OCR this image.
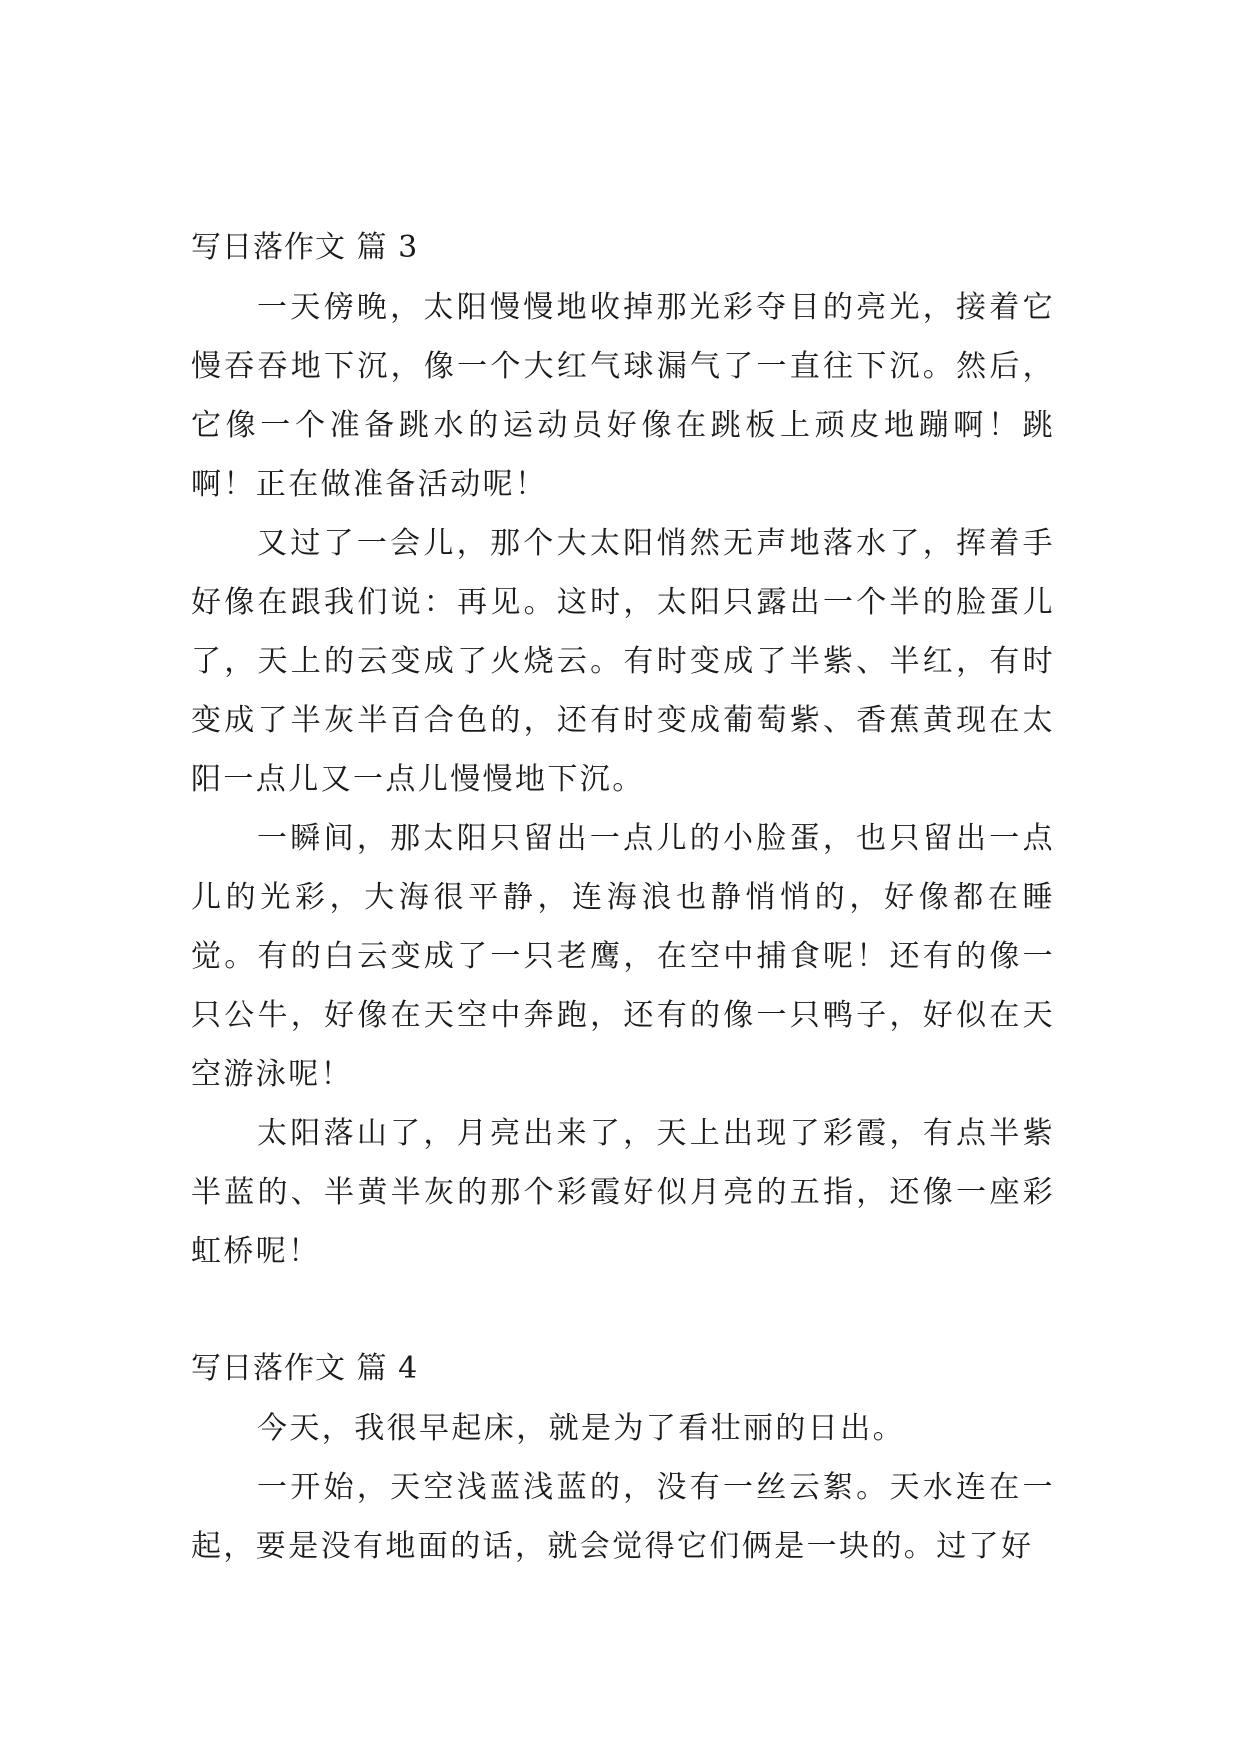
写日落作文 篇 3

一天傍晚，太阳慢慢地收掉那光彩夺目的亮光，接着它慢吞吞地下沉，像一个大红气球漏气了一直往下沉。然后，它像一个准备跳水的运动员好像在跳板上顽皮地蹦啊！跳啊！正在做准备活动呢！

又过了一会儿，那个大太阳悄然无声地落水了，挥着手好像在跟我们说：再见。这时，太阳只露出一个半的脸蛋儿了，天上的云变成了火烧云。有时变成了半紫、半红，有时变成了半灰半百合色的，还有时变成葡萄紫、香蕉黄现在太阳一点儿又一点儿慢慢地下沉。

一瞬间，那太阳只留出一点儿的小脸蛋，也只留出一点儿的光彩，大海很平静，连海浪也静悄悄的，好像都在睡觉。有的白云变成了一只老鹰，在空中捕食呢！还有的像一只公牛，好像在天空中奔跑，还有的像一只鸭子，好似在天空游泳呢！

太阳落山了，月亮出来了，天上出现了彩霞，有点半紫半蓝的、半黄半灰的那个彩霞好似月亮的五指，还像一座彩虹桥呢！

写日落作文 篇 4

今天，我很早起床，就是为了看壮丽的日出。

一开始，天空浅蓝浅蓝的，没有一丝云絮。天水连在一起，要是没有地面的话，就会觉得它们俩是一块的。过了好
